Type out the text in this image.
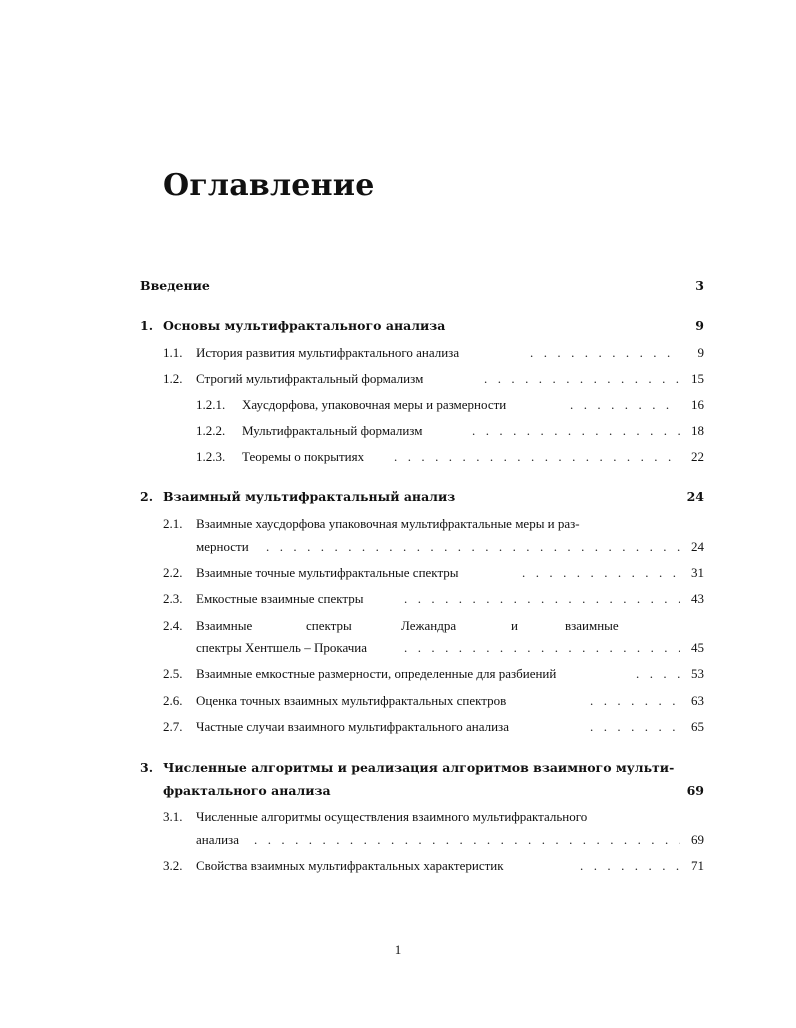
Оглавление
Введение	3
1. Основы мультифрактального анализа	9
1.1. История развития мультифрактального анализа . . .	9
1.2. Строгий мультифрактальный формализм . . .	15
1.2.1. Хаусдорфова, упаковочная меры и размерности . . .	16
1.2.2. Мультифрактальный формализм . . .	18
1.2.3. Теоремы о покрытиях . . .	22
2. Взаимный мультифрактальный анализ	24
2.1. Взаимные хаусдорфова упаковочная мультифрактальные меры и раз-
мерности . . .	24
2.2. Взаимные точные мультифрактальные спектры . . .	31
2.3. Емкостные взаимные спектры . . .	43
2.4. Взаимные	спектры	Лежандра	и	взаимные
спектры Хентшель – Прокачиа . . .	45
2.5. Взаимные емкостные размерности, определенные для разбиений . . .	53
2.6. Оценка точных взаимных мультифрактальных спектров . . .	63
2.7. Частные случаи взаимного мультифрактального анализа . . .	65
3. Численные алгоритмы и реализация алгоритмов взаимного мульти-
фрактального анализа	69
3.1. Численные алгоритмы осуществления взаимного мультифрактального
анализа . . .	69
3.2. Свойства взаимных мультифрактальных характеристик . . .	71
1
